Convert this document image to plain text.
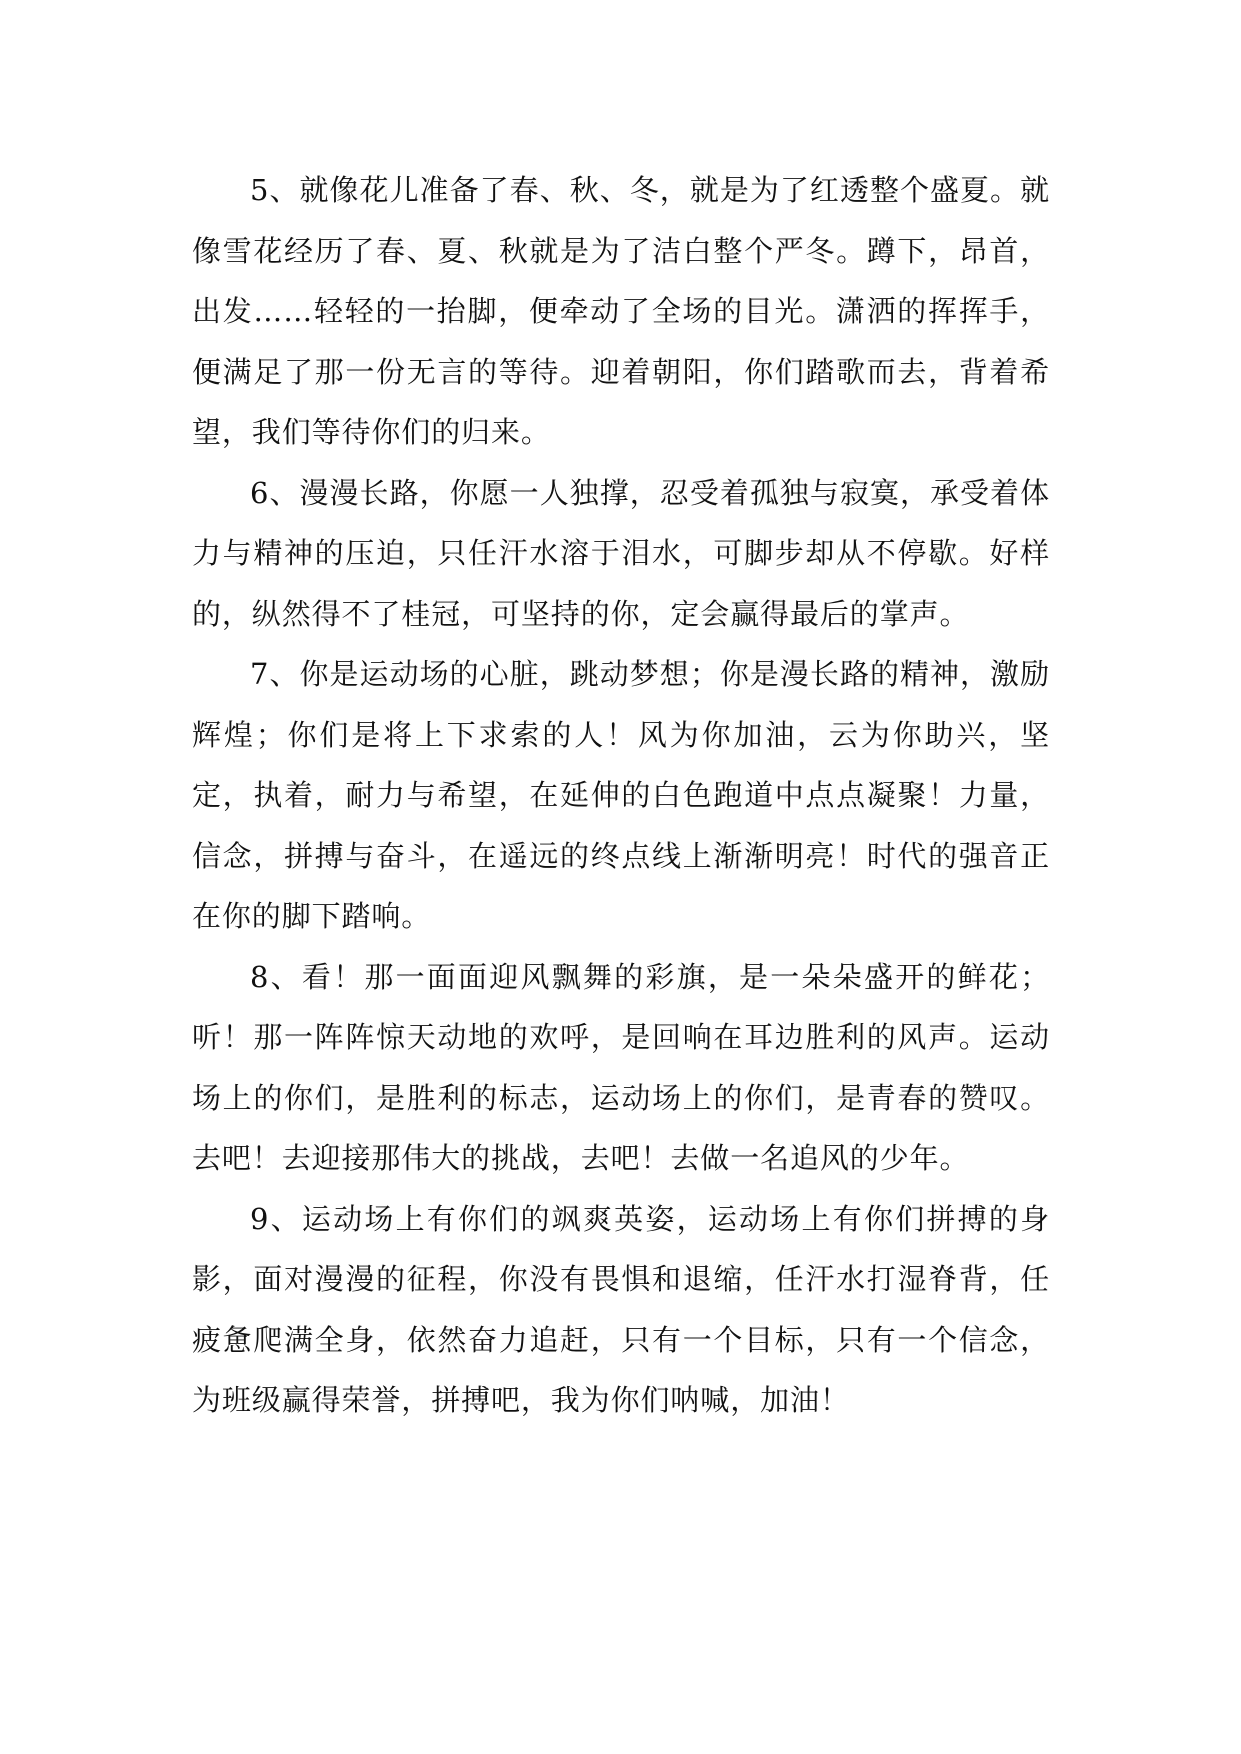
5、就像花儿准备了春、秋、冬，就是为了红透整个盛夏。就像雪花经历了春、夏、秋就是为了洁白整个严冬。蹲下，昂首，出发……轻轻的一抬脚，便牵动了全场的目光。潇洒的挥挥手，便满足了那一份无言的等待。迎着朝阳，你们踏歌而去，背着希望，我们等待你们的归来。

6、漫漫长路，你愿一人独撑，忍受着孤独与寂寞，承受着体力与精神的压迫，只任汗水溶于泪水，可脚步却从不停歇。好样的，纵然得不了桂冠，可坚持的你，定会赢得最后的掌声。

7、你是运动场的心脏，跳动梦想；你是漫长路的精神，激励辉煌；你们是将上下求索的人！风为你加油，云为你助兴，坚定，执着，耐力与希望，在延伸的白色跑道中点点凝聚！力量，信念，拼搏与奋斗，在遥远的终点线上渐渐明亮！时代的强音正在你的脚下踏响。

8、看！那一面面迎风飘舞的彩旗，是一朵朵盛开的鲜花；听！那一阵阵惊天动地的欢呼，是回响在耳边胜利的风声。运动场上的你们，是胜利的标志，运动场上的你们，是青春的赞叹。去吧！去迎接那伟大的挑战，去吧！去做一名追风的少年。

9、运动场上有你们的飒爽英姿，运动场上有你们拼搏的身影，面对漫漫的征程，你没有畏惧和退缩，任汗水打湿脊背，任疲惫爬满全身，依然奋力追赶，只有一个目标，只有一个信念，为班级赢得荣誉，拼搏吧，我为你们呐喊，加油！
